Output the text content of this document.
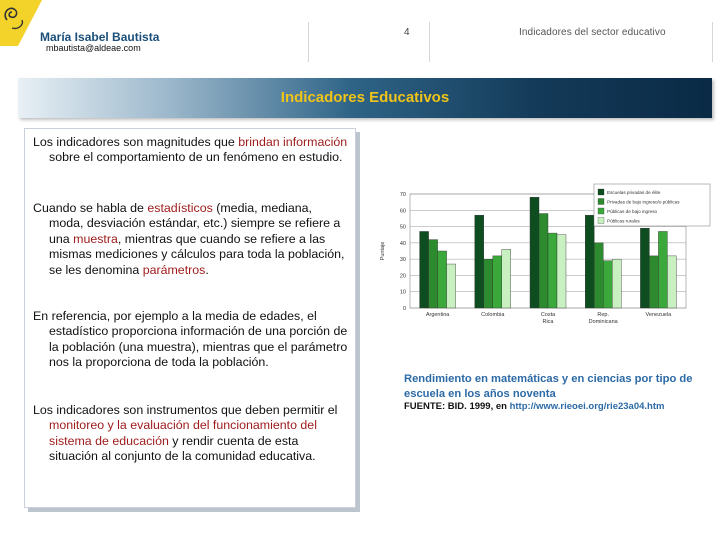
María Isabel Bautista
mbautista@aldeae.com
4	Indicadores del sector educativo
Indicadores Educativos
Los indicadores son magnitudes que brindan información sobre el comportamiento de un fenómeno en estudio.
Cuando se habla de estadísticos (media, mediana, moda, desviación estándar, etc.) siempre se refiere a una muestra, mientras que cuando se refiere a las mismas mediciones y cálculos para toda la población, se les denomina parámetros.
En referencia, por ejemplo a la media de edades, el estadístico proporciona información de una porción de la población (una muestra), mientras que el parámetro nos la proporciona de toda la población.
Los indicadores son instrumentos que deben permitir el monitoreo y la evaluación del funcionamiento del sistema de educación y rendir cuenta de esta situación al conjunto de la comunidad educativa.
0
10
20
30
40
50
60
70
Puntaje
Argentina	Colombia	Costa
Rica
Rep.
Dominicana
Venezuela
Escuelas privadas de élite
Privadas de bajo ingreso/o públicas
Públicas de bajo ingreso
Públicas rurales
Rendimiento en matemáticas y en ciencias por tipo de escuela en los años noventa
FUENTE: BID. 1999, en http://www.rieoei.org/rie23a04.htm
